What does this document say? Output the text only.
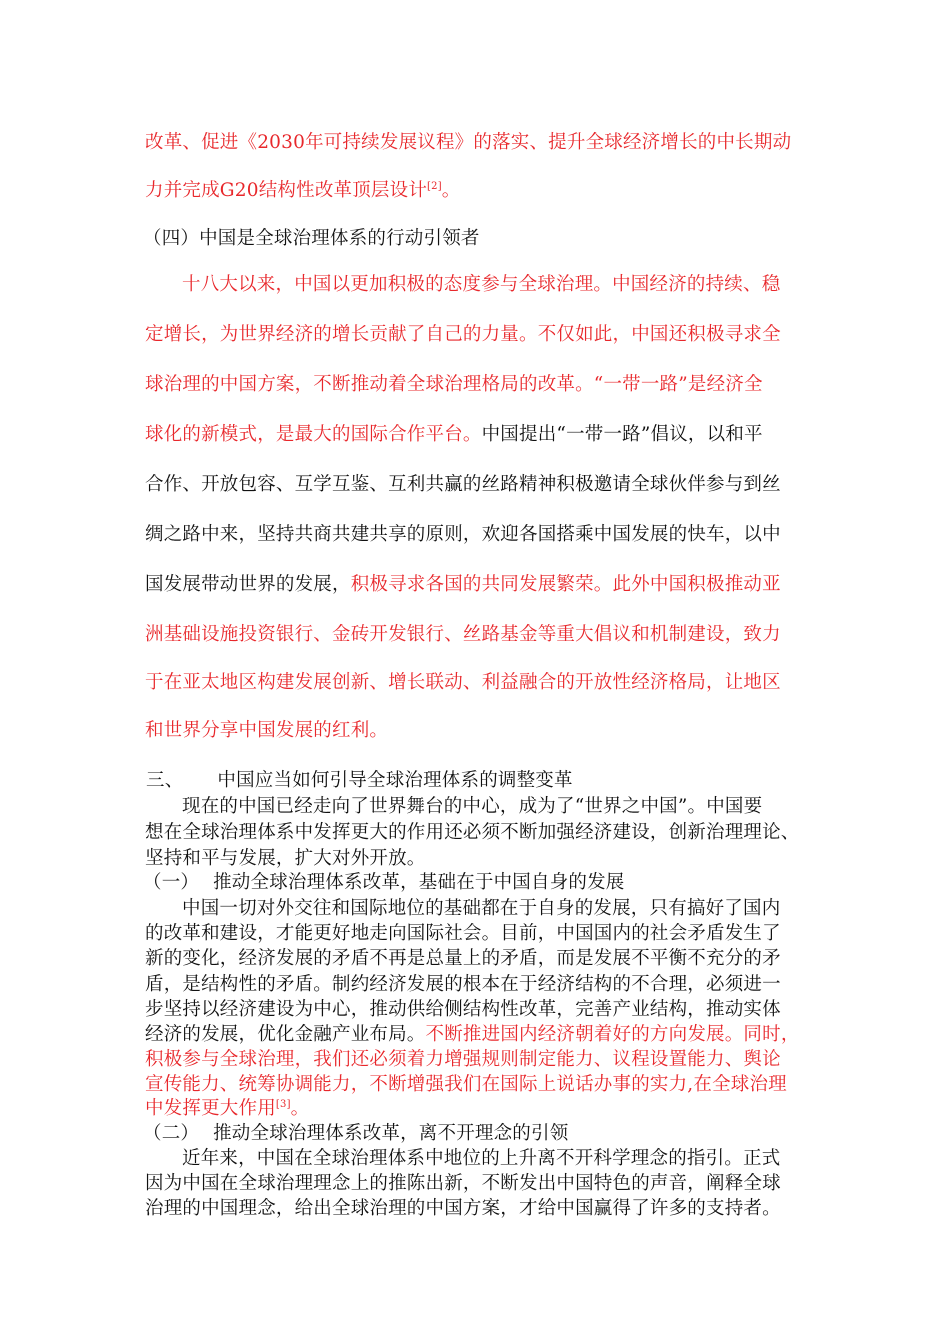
改革、促进《2030年可持续发展议程》的落实、提升全球经济增长的中长期动
力并完成G20结构性改革顶层设计[2]。
（四）中国是全球治理体系的行动引领者
十八大以来，中国以更加积极的态度参与全球治理。中国经济的持续、稳
定增长，为世界经济的增长贡献了自己的力量。不仅如此，中国还积极寻求全
球治理的中国方案，不断推动着全球治理格局的改革。“一带一路”是经济全
球化的新模式，是最大的国际合作平台。中国提出“一带一路”倡议，以和平
合作、开放包容、互学互鉴、互利共赢的丝路精神积极邀请全球伙伴参与到丝
绸之路中来，坚持共商共建共享的原则，欢迎各国搭乘中国发展的快车，以中
国发展带动世界的发展，积极寻求各国的共同发展繁荣。此外中国积极推动亚
洲基础设施投资银行、金砖开发银行、丝路基金等重大倡议和机制建设，致力
于在亚太地区构建发展创新、增长联动、利益融合的开放性经济格局，让地区
和世界分享中国发展的红利。
三、 中国应当如何引导全球治理体系的调整变革
现在的中国已经走向了世界舞台的中心，成为了“世界之中国”。中国要
想在全球治理体系中发挥更大的作用还必须不断加强经济建设，创新治理理论、
坚持和平与发展，扩大对外开放。
（一） 推动全球治理体系改革，基础在于中国自身的发展
中国一切对外交往和国际地位的基础都在于自身的发展，只有搞好了国内
的改革和建设，才能更好地走向国际社会。目前，中国国内的社会矛盾发生了
新的变化，经济发展的矛盾不再是总量上的矛盾，而是发展不平衡不充分的矛
盾，是结构性的矛盾。制约经济发展的根本在于经济结构的不合理，必须进一
步坚持以经济建设为中心，推动供给侧结构性改革，完善产业结构，推动实体
经济的发展，优化金融产业布局。不断推进国内经济朝着好的方向发展。同时，
积极参与全球治理，我们还必须着力增强规则制定能力、议程设置能力、舆论
宣传能力、统筹协调能力，不断增强我们在国际上说话办事的实力,在全球治理
中发挥更大作用[3]。
（二） 推动全球治理体系改革，离不开理念的引领
近年来，中国在全球治理体系中地位的上升离不开科学理念的指引。正式
因为中国在全球治理理念上的推陈出新，不断发出中国特色的声音，阐释全球
治理的中国理念，给出全球治理的中国方案，才给中国赢得了许多的支持者。
